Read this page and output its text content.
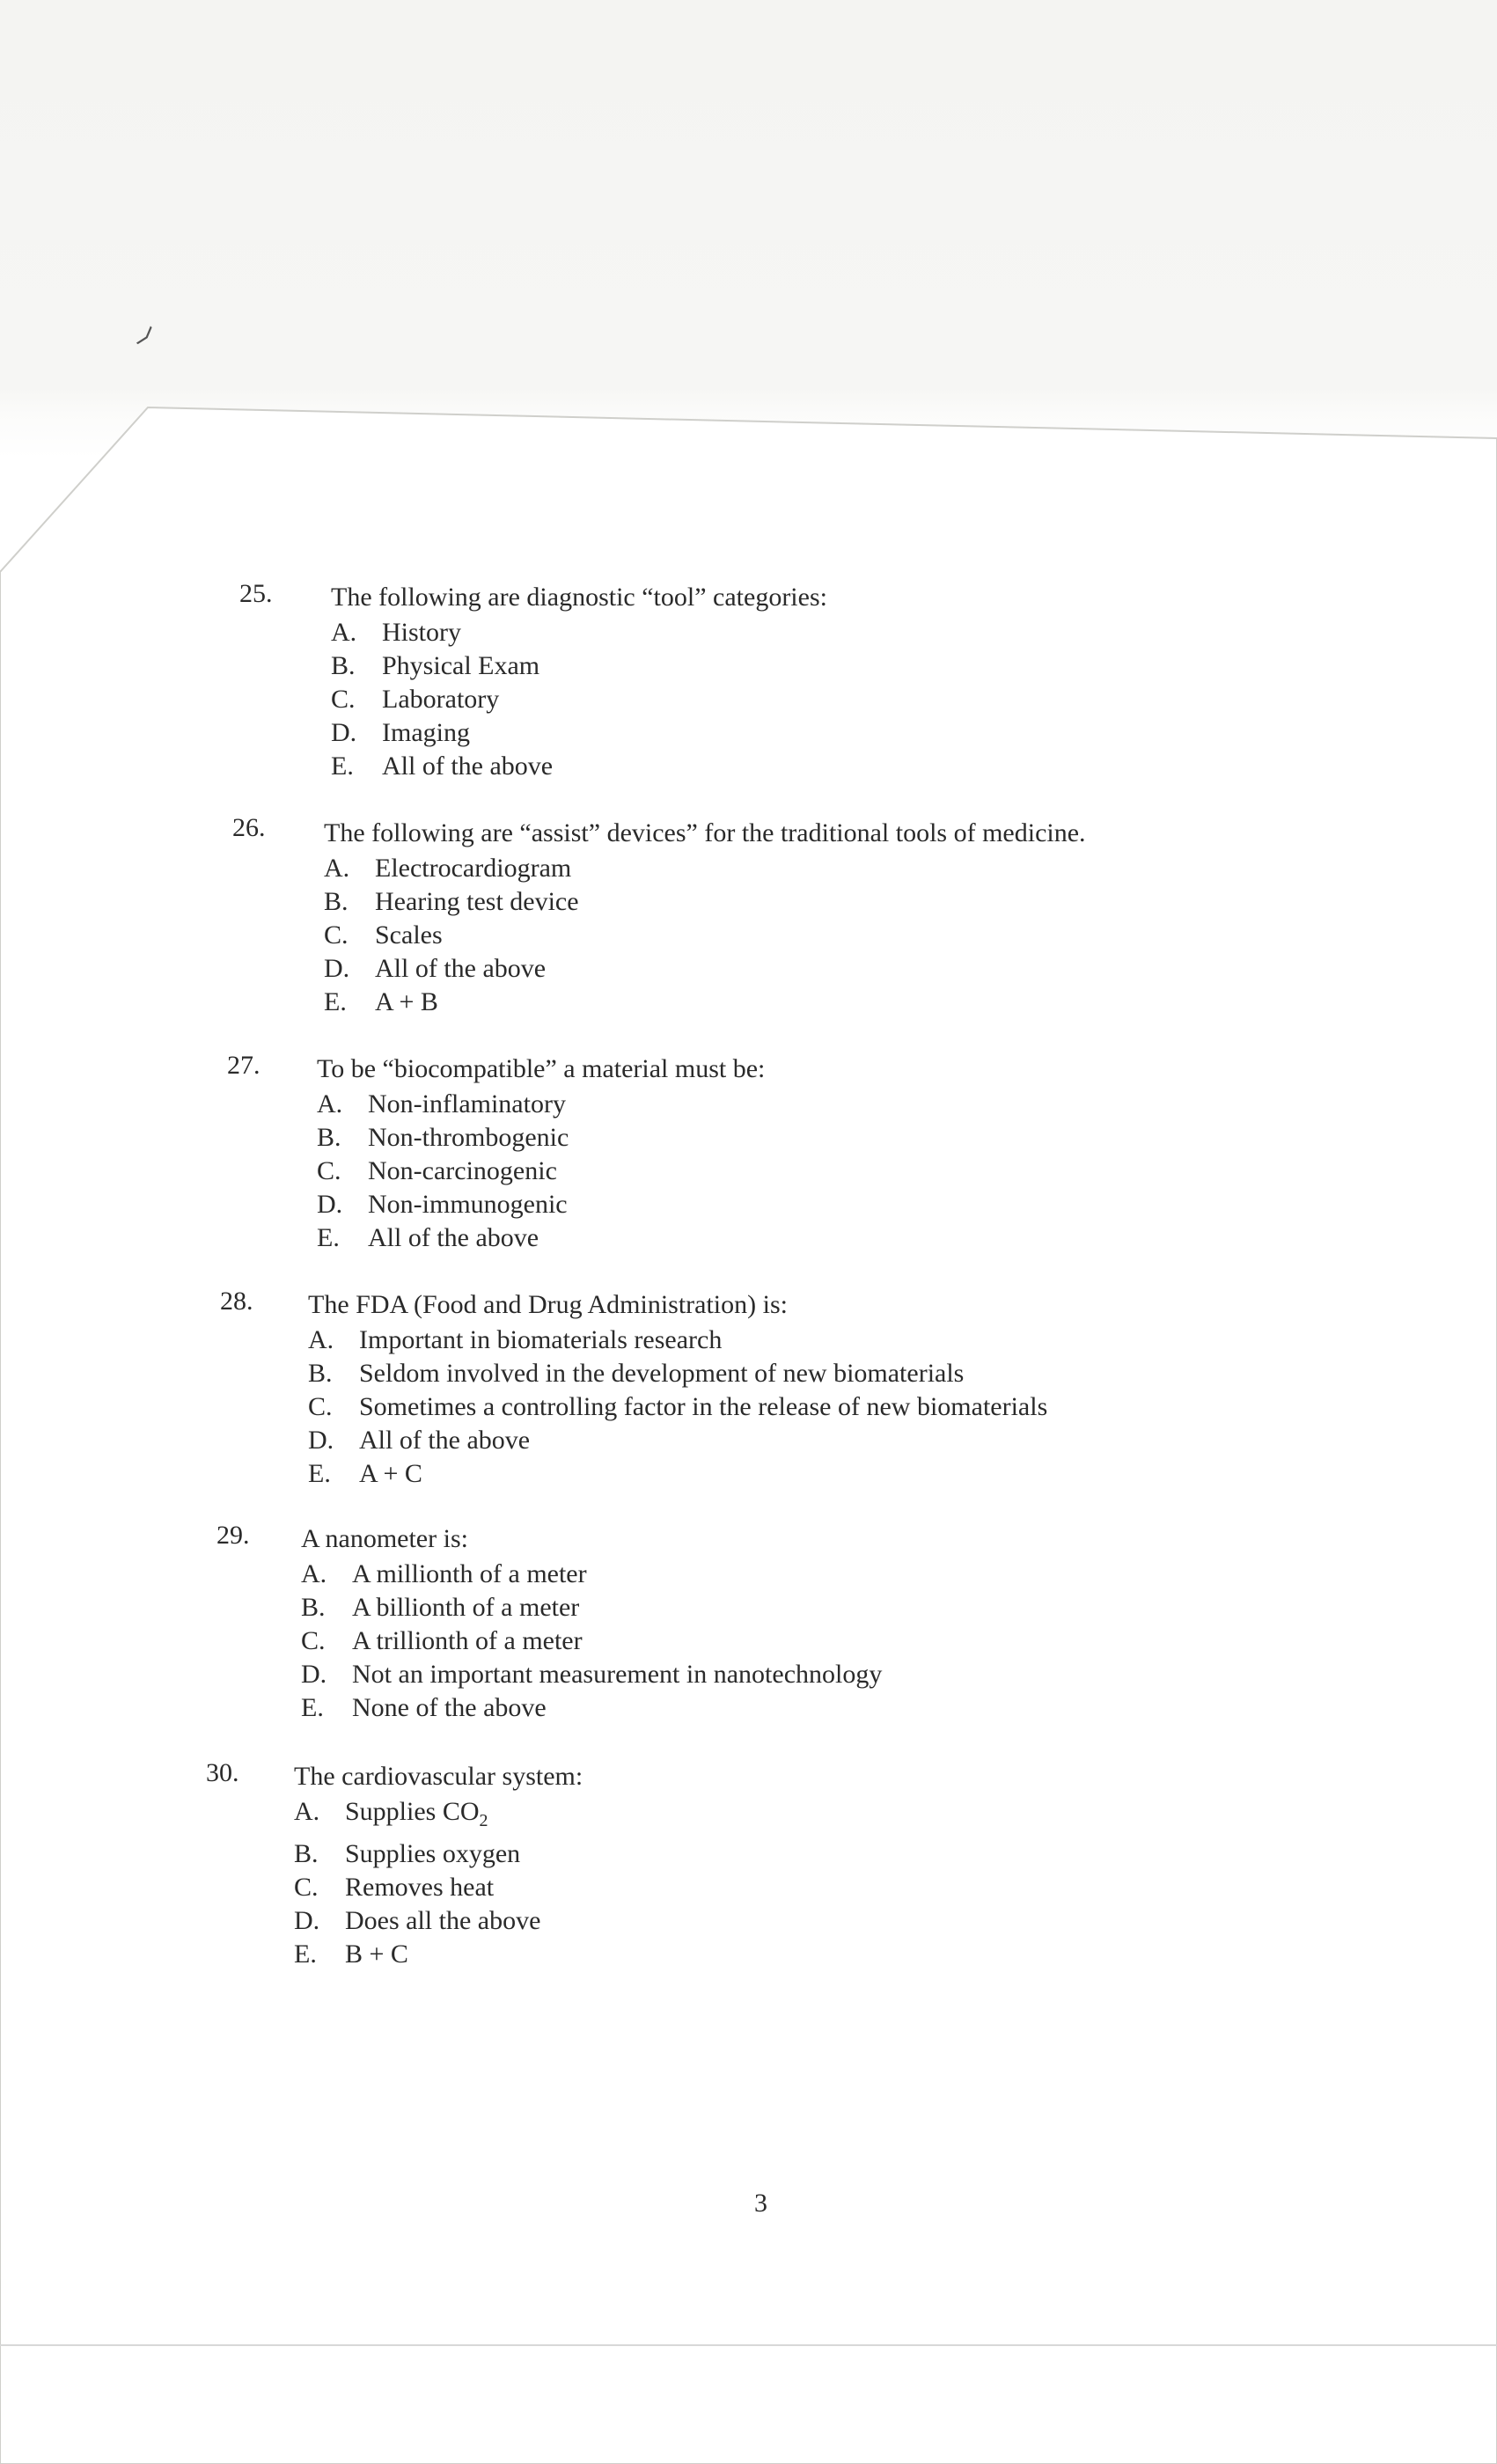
⟩
25.	The following are diagnostic “tool” categories:
A. History
B. Physical Exam
C. Laboratory
D. Imaging
E. All of the above
26.	The following are “assist” devices” for the traditional tools of medicine.
A. Electrocardiogram
B. Hearing test device
C. Scales
D. All of the above
E. A + B
27.	To be “biocompatible” a material must be:
A. Non-inflaminatory
B. Non-thrombogenic
C. Non-carcinogenic
D. Non-immunogenic
E. All of the above
28.	The FDA (Food and Drug Administration) is:
A. Important in biomaterials research
B. Seldom involved in the development of new biomaterials
C. Sometimes a controlling factor in the release of new biomaterials
D. All of the above
E. A + C
29.	A nanometer is:
A. A millionth of a meter
B. A billionth of a meter
C. A trillionth of a meter
D. Not an important measurement in nanotechnology
E. None of the above
30.	The cardiovascular system:
A. Supplies $CO_2$
B. Supplies oxygen
C. Removes heat
D. Does all the above
E. B + C
3
